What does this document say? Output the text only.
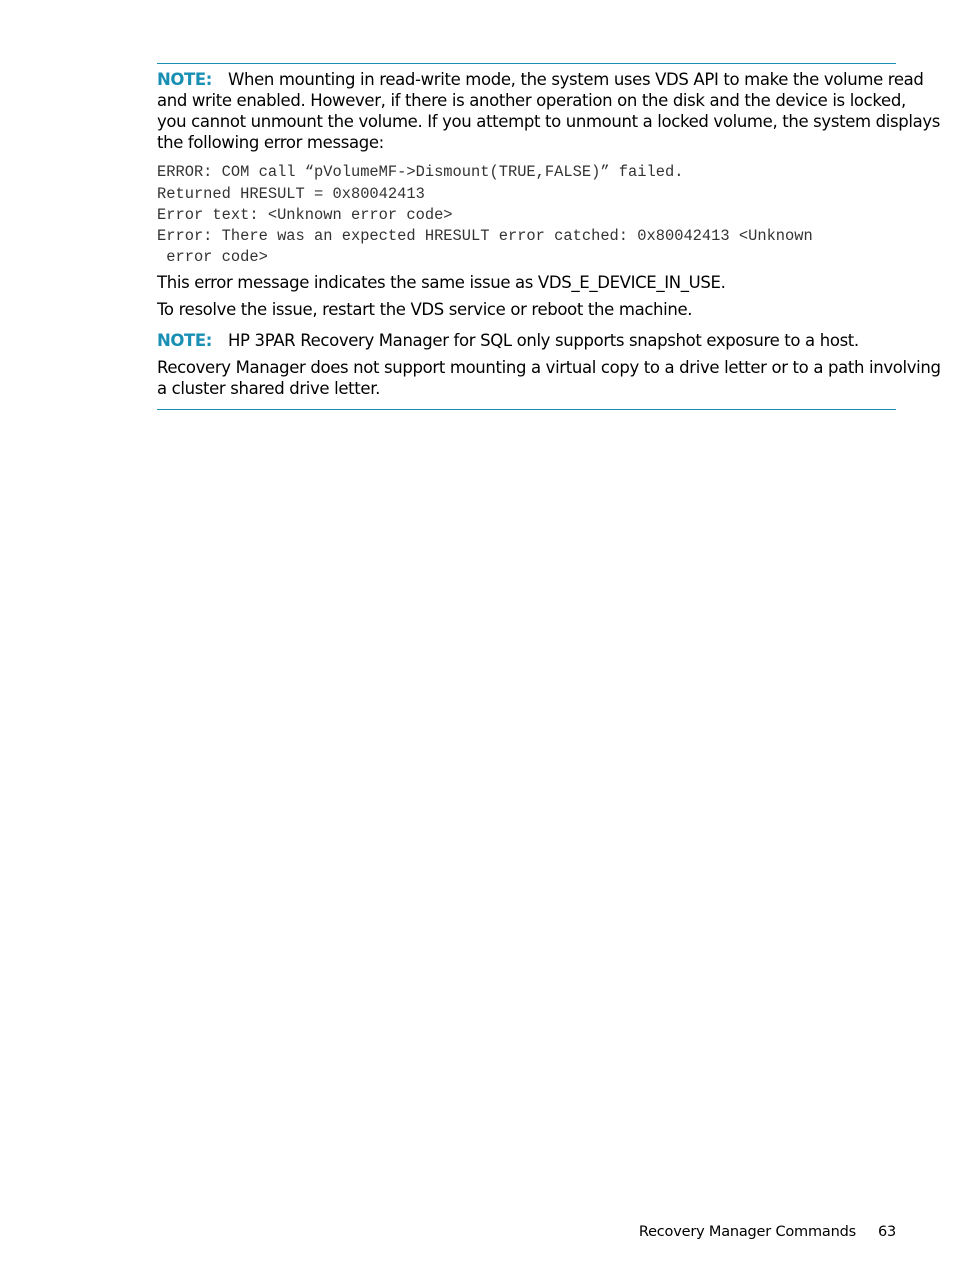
NOTE: When mounting in read-write mode, the system uses VDS API to make the volume read
and write enabled. However, if there is another operation on the disk and the device is locked,
you cannot unmount the volume. If you attempt to unmount a locked volume, the system displays
the following error message:
ERROR: COM call “pVolumeMF->Dismount(TRUE,FALSE)” failed.
Returned HRESULT = 0x80042413
Error text: <Unknown error code>
Error: There was an expected HRESULT error catched: 0x80042413 <Unknown
error code>
This error message indicates the same issue as VDS_E_DEVICE_IN_USE.
To resolve the issue, restart the VDS service or reboot the machine.
NOTE: HP 3PAR Recovery Manager for SQL only supports snapshot exposure to a host.
Recovery Manager does not support mounting a virtual copy to a drive letter or to a path involving
a cluster shared drive letter.
Recovery Manager Commands 63
